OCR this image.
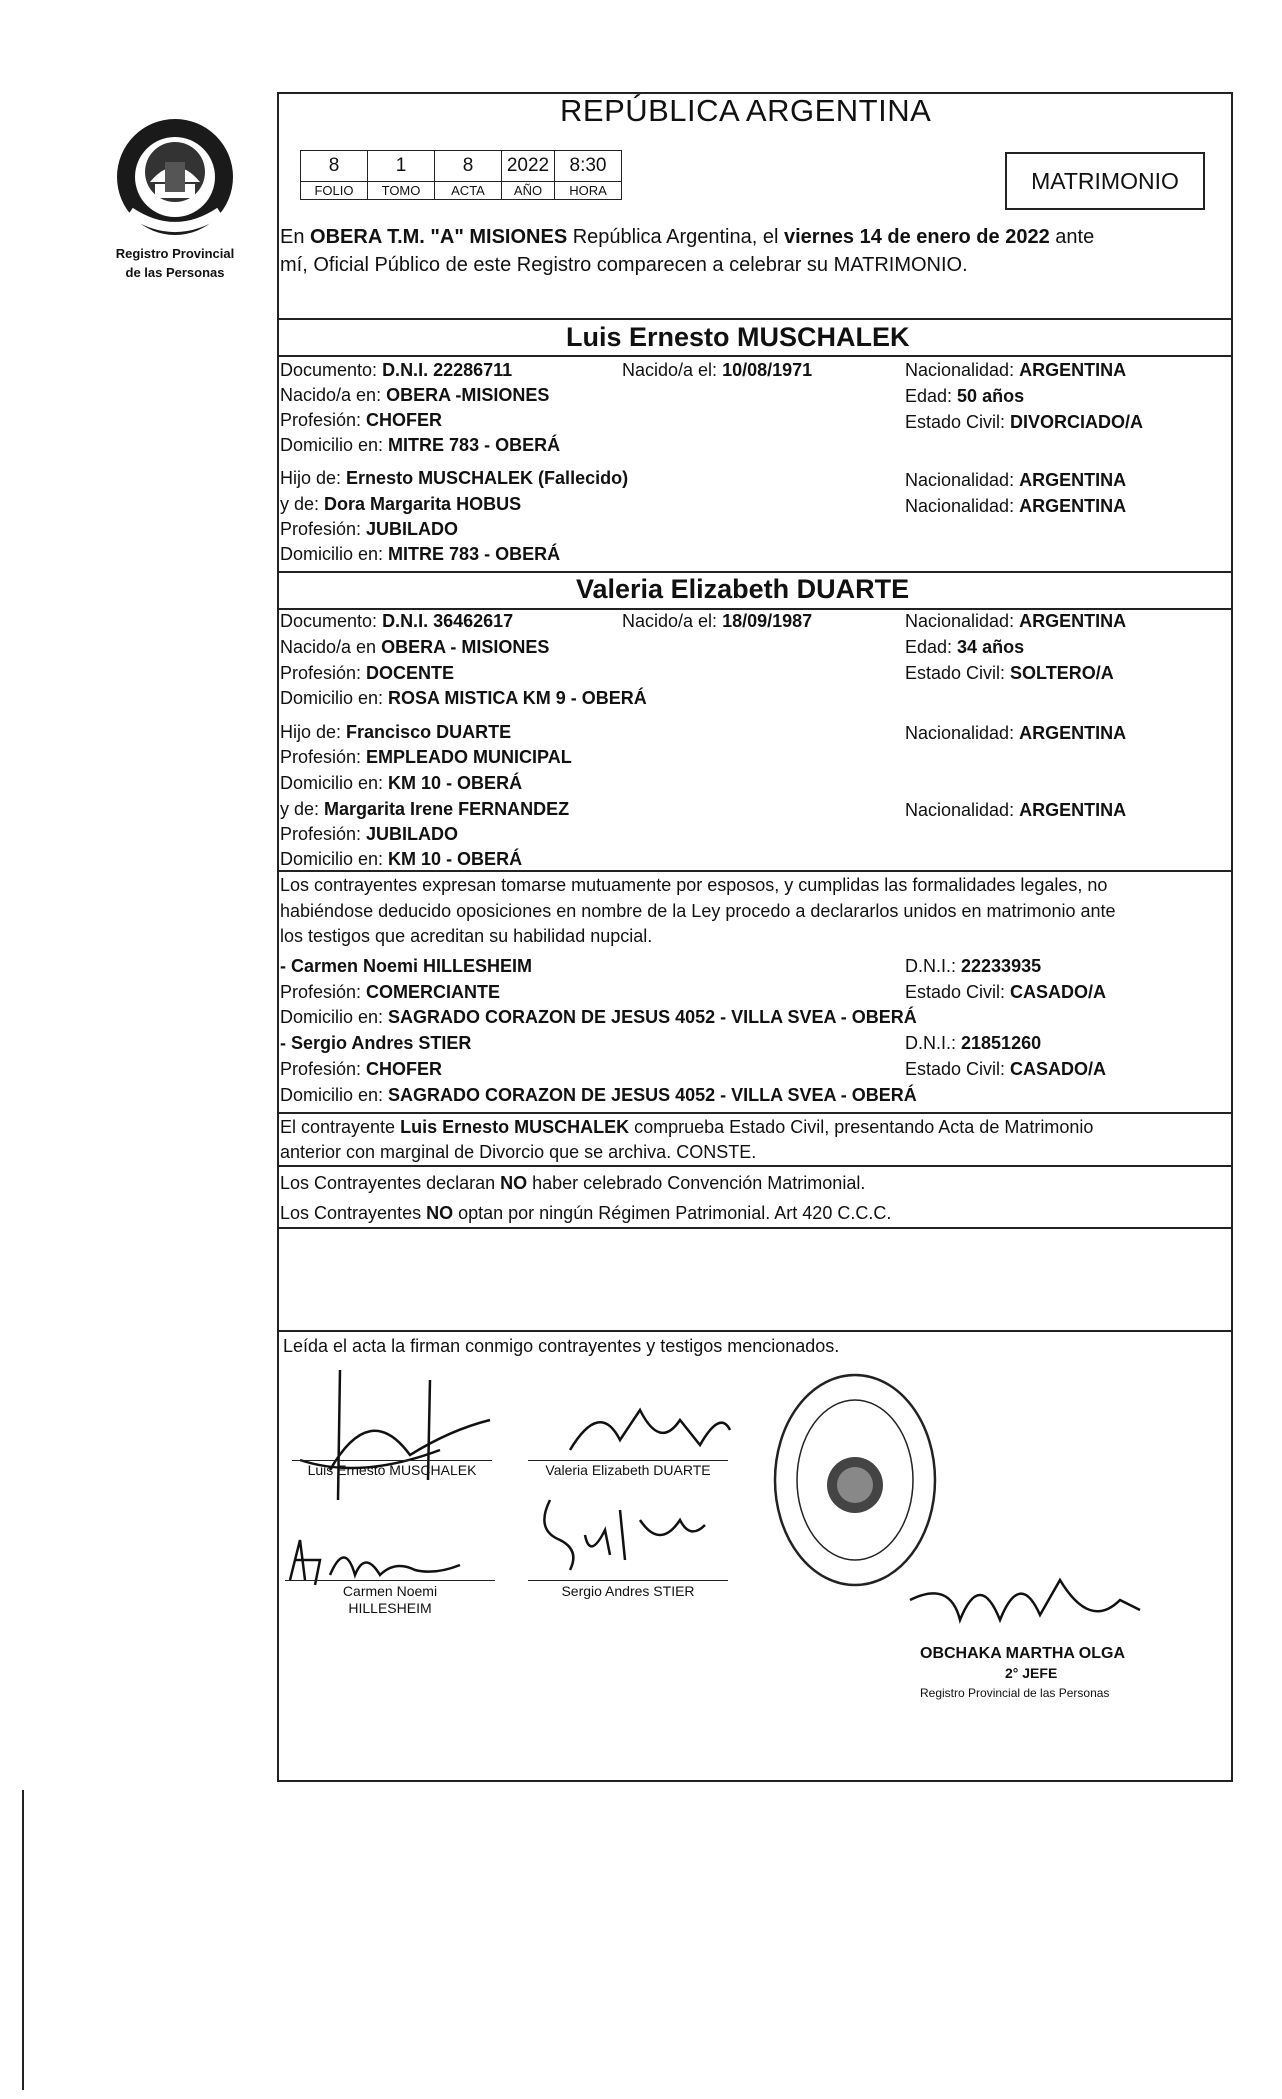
Registro Provincial
de las Personas
REPÚBLICA ARGENTINA
8	1	8	2022	8:30
FOLIO	TOMO	ACTA	AÑO	HORA	MATRIMONIO
En OBERA T.M. "A" MISIONES República Argentina, el viernes 14 de enero de 2022 ante
mí, Oficial Público de este Registro comparecen a celebrar su MATRIMONIO.
Luis Ernesto MUSCHALEK
Documento: D.N.I. 22286711	Nacido/a el: 10/08/1971	Nacionalidad: ARGENTINA
Nacido/a en: OBERA -MISIONES	Edad: 50 años
Profesión: CHOFER	Estado Civil: DIVORCIADO/A
Domicilio en: MITRE 783 - OBERÁ
Hijo de: Ernesto MUSCHALEK (Fallecido)	Nacionalidad: ARGENTINA
y de: Dora Margarita HOBUS	Nacionalidad: ARGENTINA
Profesión: JUBILADO
Domicilio en: MITRE 783 - OBERÁ
Valeria Elizabeth DUARTE
Documento: D.N.I. 36462617	Nacido/a el: 18/09/1987	Nacionalidad: ARGENTINA
Nacido/a en OBERA - MISIONES	Edad: 34 años
Profesión: DOCENTE	Estado Civil: SOLTERO/A
Domicilio en: ROSA MISTICA KM 9 - OBERÁ
Hijo de: Francisco DUARTE	Nacionalidad: ARGENTINA
Profesión: EMPLEADO MUNICIPAL
Domicilio en: KM 10 - OBERÁ
y de: Margarita Irene FERNANDEZ	Nacionalidad: ARGENTINA
Profesión: JUBILADO
Domicilio en: KM 10 - OBERÁ
Los contrayentes expresan tomarse mutuamente por esposos, y cumplidas las formalidades legales, no
habiéndose deducido oposiciones en nombre de la Ley procedo a declararlos unidos en matrimonio ante
los testigos que acreditan su habilidad nupcial.
- Carmen Noemi HILLESHEIM	D.N.I.: 22233935
Profesión: COMERCIANTE	Estado Civil: CASADO/A
Domicilio en: SAGRADO CORAZON DE JESUS 4052 - VILLA SVEA - OBERÁ
- Sergio Andres STIER	D.N.I.: 21851260
Profesión: CHOFER	Estado Civil: CASADO/A
Domicilio en: SAGRADO CORAZON DE JESUS 4052 - VILLA SVEA - OBERÁ
El contrayente Luis Ernesto MUSCHALEK comprueba Estado Civil, presentando Acta de Matrimonio
anterior con marginal de Divorcio que se archiva. CONSTE.
Los Contrayentes declaran NO haber celebrado Convención Matrimonial.
Los Contrayentes NO optan por ningún Régimen Patrimonial. Art 420 C.C.C.
Leída el acta la firman conmigo contrayentes y testigos mencionados.
Luis Ernesto MUSCHALEK	Valeria Elizabeth DUARTE
Carmen Noemi
HILLESHEIM
Sergio Andres STIER
OBCHAKA MARTHA OLGA
2° JEFE
Registro Provincial de las Personas
